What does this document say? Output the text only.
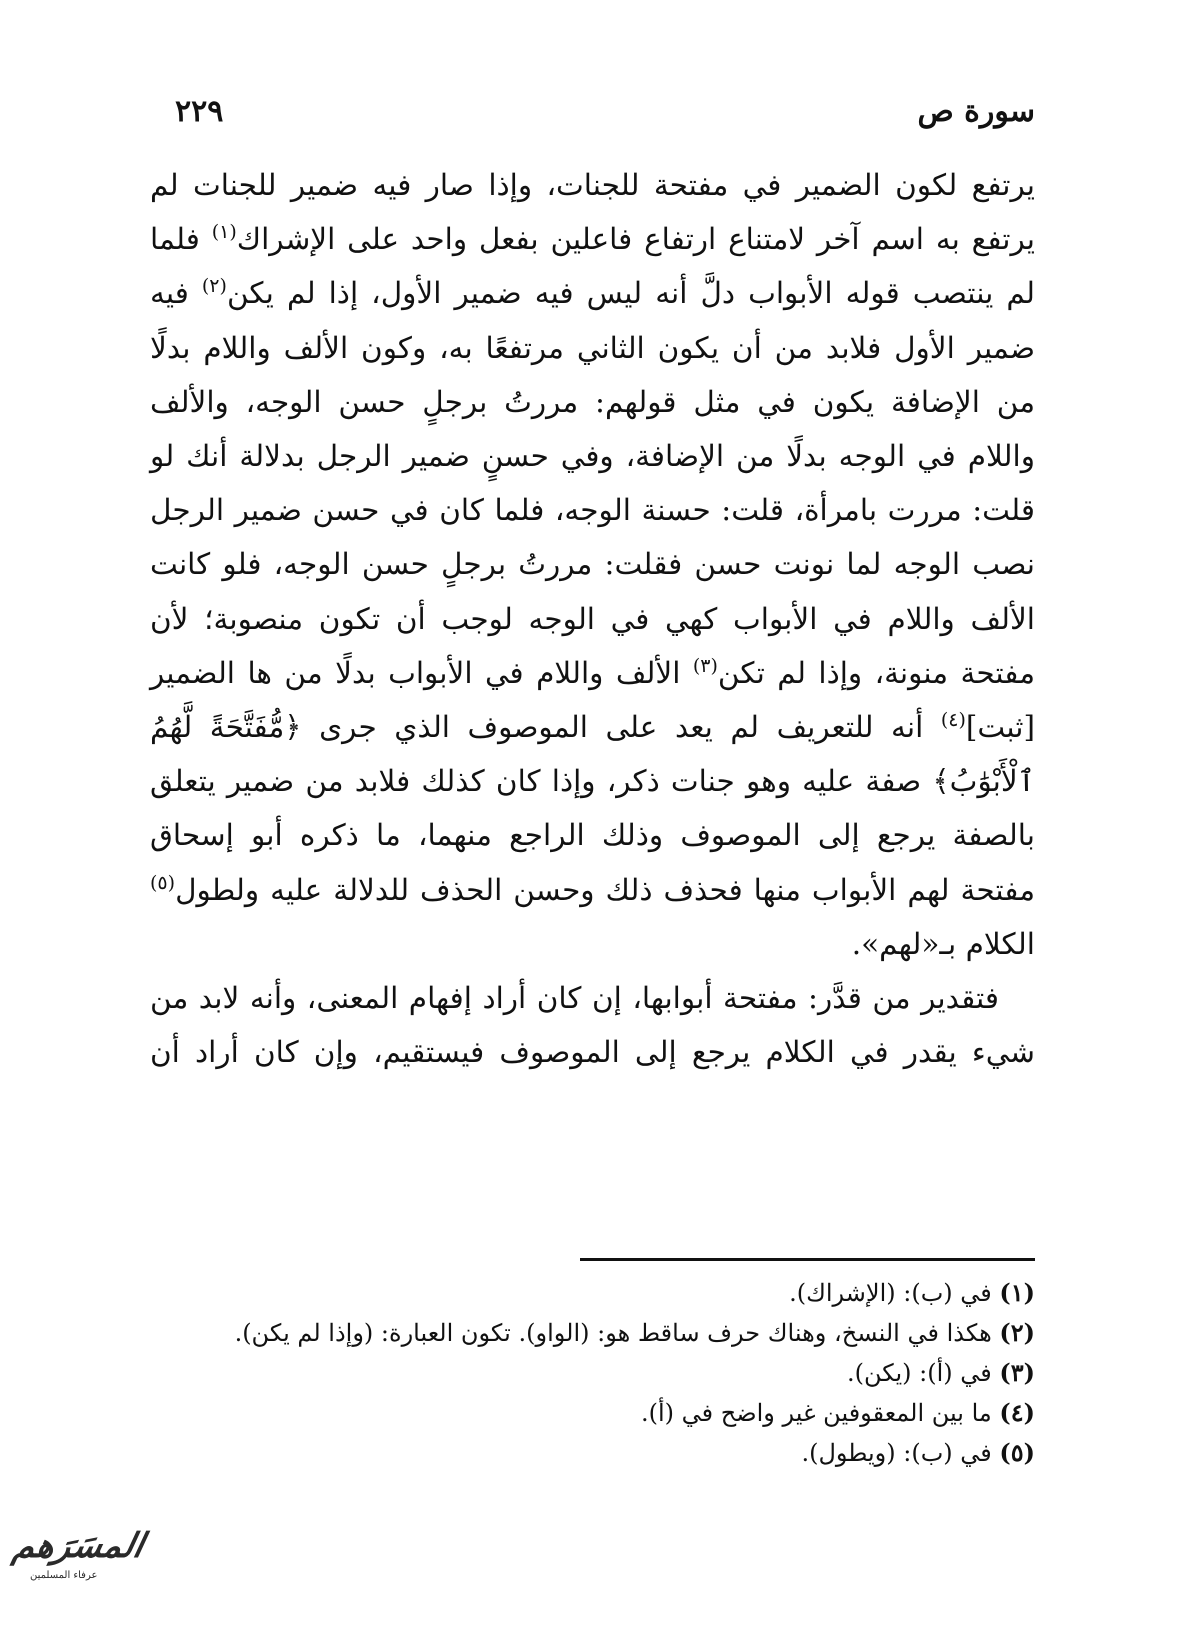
سورة ص
٢٢٩

يرتفع لكون الضمير في مفتحة للجنات، وإذا صار فيه ضمير للجنات لم يرتفع به اسم آخر لامتناع ارتفاع فاعلين بفعل واحد على الإشراك$^{(١)}$ فلما لم ينتصب قوله الأبواب دلَّ أنه ليس فيه ضمير الأول، إذا لم يكن$^{(٢)}$ فيه ضمير الأول فلابد من أن يكون الثاني مرتفعًا به، وكون الألف واللام بدلًا من الإضافة يكون في مثل قولهم: مررتُ برجلٍ حسن الوجه، والألف واللام في الوجه بدلًا من الإضافة، وفي حسنٍ ضمير الرجل بدلالة أنك لو قلت: مررت بامرأة، قلت: حسنة الوجه، فلما كان في حسن ضمير الرجل نصب الوجه لما نونت حسن فقلت: مررتُ برجلٍ حسن الوجه، فلو كانت الألف واللام في الأبواب كهي في الوجه لوجب أن تكون منصوبة؛ لأن مفتحة منونة، وإذا لم تكن$^{(٣)}$ الألف واللام في الأبواب بدلًا من ها الضمير [ثبت]$^{(٤)}$ أنه للتعريف لم يعد على الموصوف الذي جرى ﴿مُّفَتَّحَةً لَّهُمُ ٱلْأَبْوَٰبُ﴾ صفة عليه وهو جنات ذكر، وإذا كان كذلك فلابد من ضمير يتعلق بالصفة يرجع إلى الموصوف وذلك الراجع منهما، ما ذكره أبو إسحاق مفتحة لهم الأبواب منها فحذف ذلك وحسن الحذف للدلالة عليه ولطول$^{(٥)}$ الكلام بـ«لهم».

فتقدير من قدَّر: مفتحة أبوابها، إن كان أراد إفهام المعنى، وأنه لابد من شيء يقدر في الكلام يرجع إلى الموصوف فيستقيم، وإن كان أراد أن

(١) في (ب): (الإشراك).

(٢) هكذا في النسخ، وهناك حرف ساقط هو: (الواو). تكون العبارة: (وإذا لم يكن).

(٣) في (أ): (يكن).

(٤) ما بين المعقوفين غير واضح في (أ).

(٥) في (ب): (ويطول).

المسَرَهم
عرفاء المسلمين
